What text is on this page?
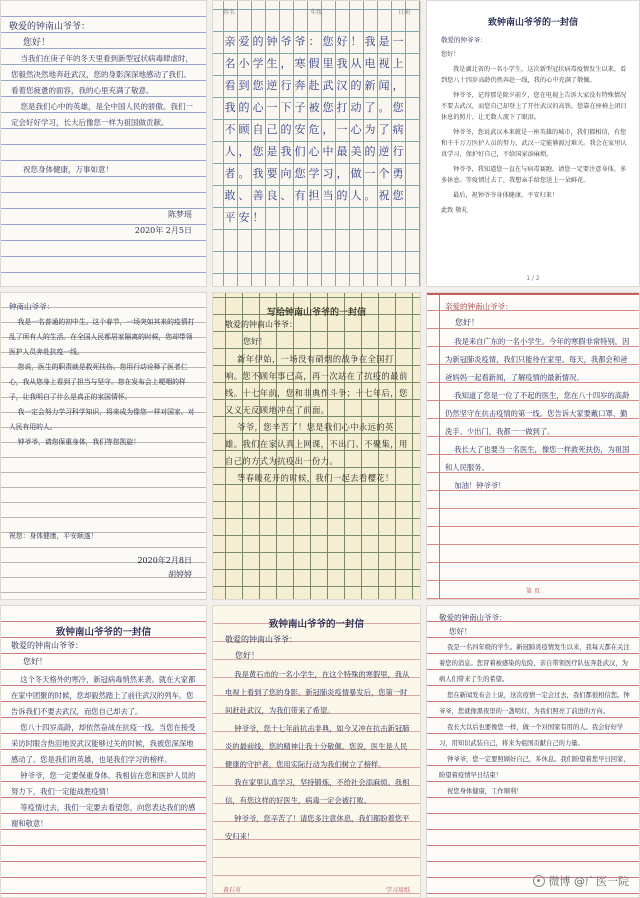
敬爱的钟南山爷爷：
您好！
当我们在庚子年的冬天里看到新型冠状病毒肆虐时，您毅然决然地奔赴武汉，您的身影深深地感动了我们。看着您疲惫的面容，我的心里充满了敬意。
您是我们心中的英雄，是全中国人民的骄傲。我们一定会好好学习，长大后像您一样为祖国做贡献。
祝您身体健康，万事如意！
陈梦瑶
2020年 2月5日
姓名	年级	日期
亲 爱 的 钟 爷 爷 ： 您 好 ！ 我 是 一
名 小 学 生 ， 寒 假 里 我 从 电 视 上
看 到 您 逆 行 奔 赴 武 汉 的 新 闻 ，
我 的 心 一 下 子 被 您 打 动 了 。 您
不 顾 自 己 的 安 危 ， 一 心 为 了 病
人 ， 您 是 我 们 心 中 最 美 的 逆 行
者 。 我 要 向 您 学 习 ， 做 一 个 勇
敢 、 善 良 、 有 担 当 的 人 。 祝 您
平 安 ！
致钟南山爷爷的一封信
敬爱的钟爷爷：

您好！

我是湖北省的一名小学生，这次新型冠状病毒疫情发生以来，看到您八十四岁高龄仍然奔赴一线，我的心中充满了敬佩。

钟爷爷，记得那是除夕前夕，您在电视上告诉大家没有特殊情况不要去武汉，而您自己却登上了开往武汉的高铁。您靠在座椅上闭目休息的照片，让无数人流下了眼泪。

钟爷爷，您说武汉本来就是一座英雄的城市，我们都相信，有您和千千万万医护人员的努力，武汉一定能够渡过难关。我会在家里认真学习，保护好自己，不给国家添麻烦。

钟爷爷，我知道您一直在与病毒赛跑，请您一定要注意身体，多多休息。等疫情过去了，我想亲手给您送上一朵鲜花。

最后，祝钟爷爷身体健康，平安归来！

此致 敬礼

1 / 2
钟南山爷爷：
我是一名普通的初中生。这个春节，一场突如其来的疫情打乱了所有人的生活。在全国人民都居家隔离的时候，您却带领医护人员奔赴抗疫一线。
您说，医生的职责就是救死扶伤。您用行动诠释了医者仁心，我从您身上看到了担当与坚守。您在发布会上哽咽的样子，让我明白了什么是真正的家国情怀。
我一定会努力学习科学知识，将来成为像您一样对国家、对人民有用的人。
钟爷爷，请您保重身体，我们等您凯旋！
祝您：身体健康，平安顺遂！
2020年2月8日
胡婷婷
写给钟南山爷爷的一封信
敬爱的钟南山爷爷：
您好！
新年伊始，一场没有硝烟的战争在全国打响。您不顾年事已高，再一次站在了抗疫的最前线。十七年前，您和非典作斗争；十七年后，您又义无反顾地冲在了前面。
爷爷，您辛苦了！您是我们心中永远的英雄。我们在家认真上网课，不出门、不聚集，用自己的方式为抗疫出一份力。
等春暖花开的时候，我们一起去看樱花！
亲爱的钟南山爷爷：
您好！
我是来自广东的一名小学生。今年的寒假非常特别，因为新冠肺炎疫情，我们只能待在家里。每天，我都会和爸爸妈妈一起看新闻，了解疫情的最新情况。
我知道了您是一位了不起的医生，您在八十四岁的高龄仍然坚守在抗击疫情的第一线。您告诉大家要戴口罩、勤洗手、少出门，我都一一做到了。
我长大了也要当一名医生，像您一样救死扶伤，为祖国和人民服务。
加油！钟爷爷！
第 页
致钟南山爷爷的一封信
敬爱的钟南山爷爷：
您好！
这个冬天格外的寒冷，新冠病毒悄然来袭。就在大家都在家中团聚的时候，您却毅然踏上了前往武汉的列车。您告诉我们不要去武汉，而您自己却去了。
您八十四岁高龄，却依然奋战在抗疫一线。当您在接受采访时眼含热泪地说武汉能够过关的时候，我被您深深地感动了。您是我们的英雄，也是我们学习的榜样。
钟爷爷，您一定要保重身体。我相信在您和医护人员的努力下，我们一定能战胜疫情！
等疫情过去，我们一定要去看望您，向您表达我们的感谢和敬意！
致钟南山爷爷的一封信
敬爱的钟南山爷爷：
您好！
我是黄石市的一名小学生，在这个特殊的寒假里，我从电视上看到了您的身影。新冠肺炎疫情暴发后，您第一时间赶赴武汉，为我们带来了希望。
钟爷爷，您十七年前抗击非典，如今又冲在抗击新冠肺炎的最前线，您的精神让我十分敬佩。您说，医生是人民健康的守护者，您用实际行动为我们树立了榜样。
我在家里认真学习，坚持锻炼，不给社会添麻烦。我相信，有您这样的好医生，病毒一定会被打败。
钟爷爷，您辛苦了！请您多注意休息，我们都盼着您平安归来！
黄石市	学习用纸
敬爱的钟南山爷爷：
您好！
我是一名四年级的学生。新冠肺炎疫情发生以来，我每天都在关注着您的消息。您冒着被感染的危险，亲自带领医疗队伍奔赴武汉，为病人们带来了生的希望。
您在新闻发布会上说，这次疫情一定会过去，我们都很相信您。钟爷爷，您就像黑夜里的一盏明灯，为我们照亮了前进的方向。
我长大以后也要像您一样，做一个对国家有用的人。我会好好学习，用知识武装自己，将来为祖国贡献自己的力量。
钟爷爷，您一定要照顾好自己，多休息。我们盼望着您早日回家，盼望着疫情早日结束！
祝您身体健康，工作顺利！
微博 @广医一院
